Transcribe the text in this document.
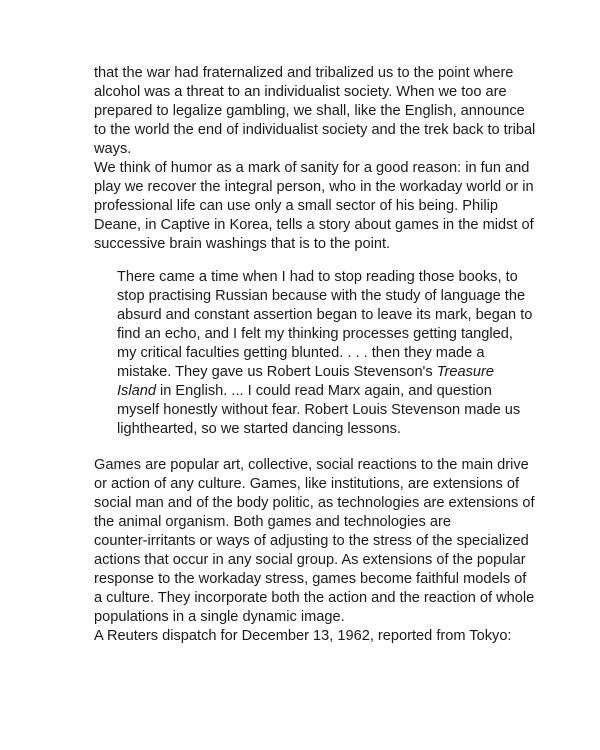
that the war had fraternalized and tribalized us to the point where
alcohol was a threat to an individualist society. When we too are
prepared to legalize gambling, we shall, like the English, announce
to the world the end of individualist society and the trek back to tribal
ways.
We think of humor as a mark of sanity for a good reason: in fun and
play we recover the integral person, who in the workaday world or in
professional life can use only a small sector of his being. Philip
Deane, in Captive in Korea, tells a story about games in the midst of
successive brain washings that is to the point.
There came a time when I had to stop reading those books, to
stop practising Russian because with the study of language the
absurd and constant assertion began to leave its mark, began to
find an echo, and I felt my thinking processes getting tangled,
my critical faculties getting blunted. . . . then they made a
mistake. They gave us Robert Louis Stevenson's Treasure
Island in English. ... I could read Marx again, and question
myself honestly without fear. Robert Louis Stevenson made us
lighthearted, so we started dancing lessons.
Games are popular art, collective, social reactions to the main drive
or action of any culture. Games, like institutions, are extensions of
social man and of the body politic, as technologies are extensions of
the animal organism. Both games and technologies are
counter-irritants or ways of adjusting to the stress of the specialized
actions that occur in any social group. As extensions of the popular
response to the workaday stress, games become faithful models of
a culture. They incorporate both the action and the reaction of whole
populations in a single dynamic image.
A Reuters dispatch for December 13, 1962, reported from Tokyo:
